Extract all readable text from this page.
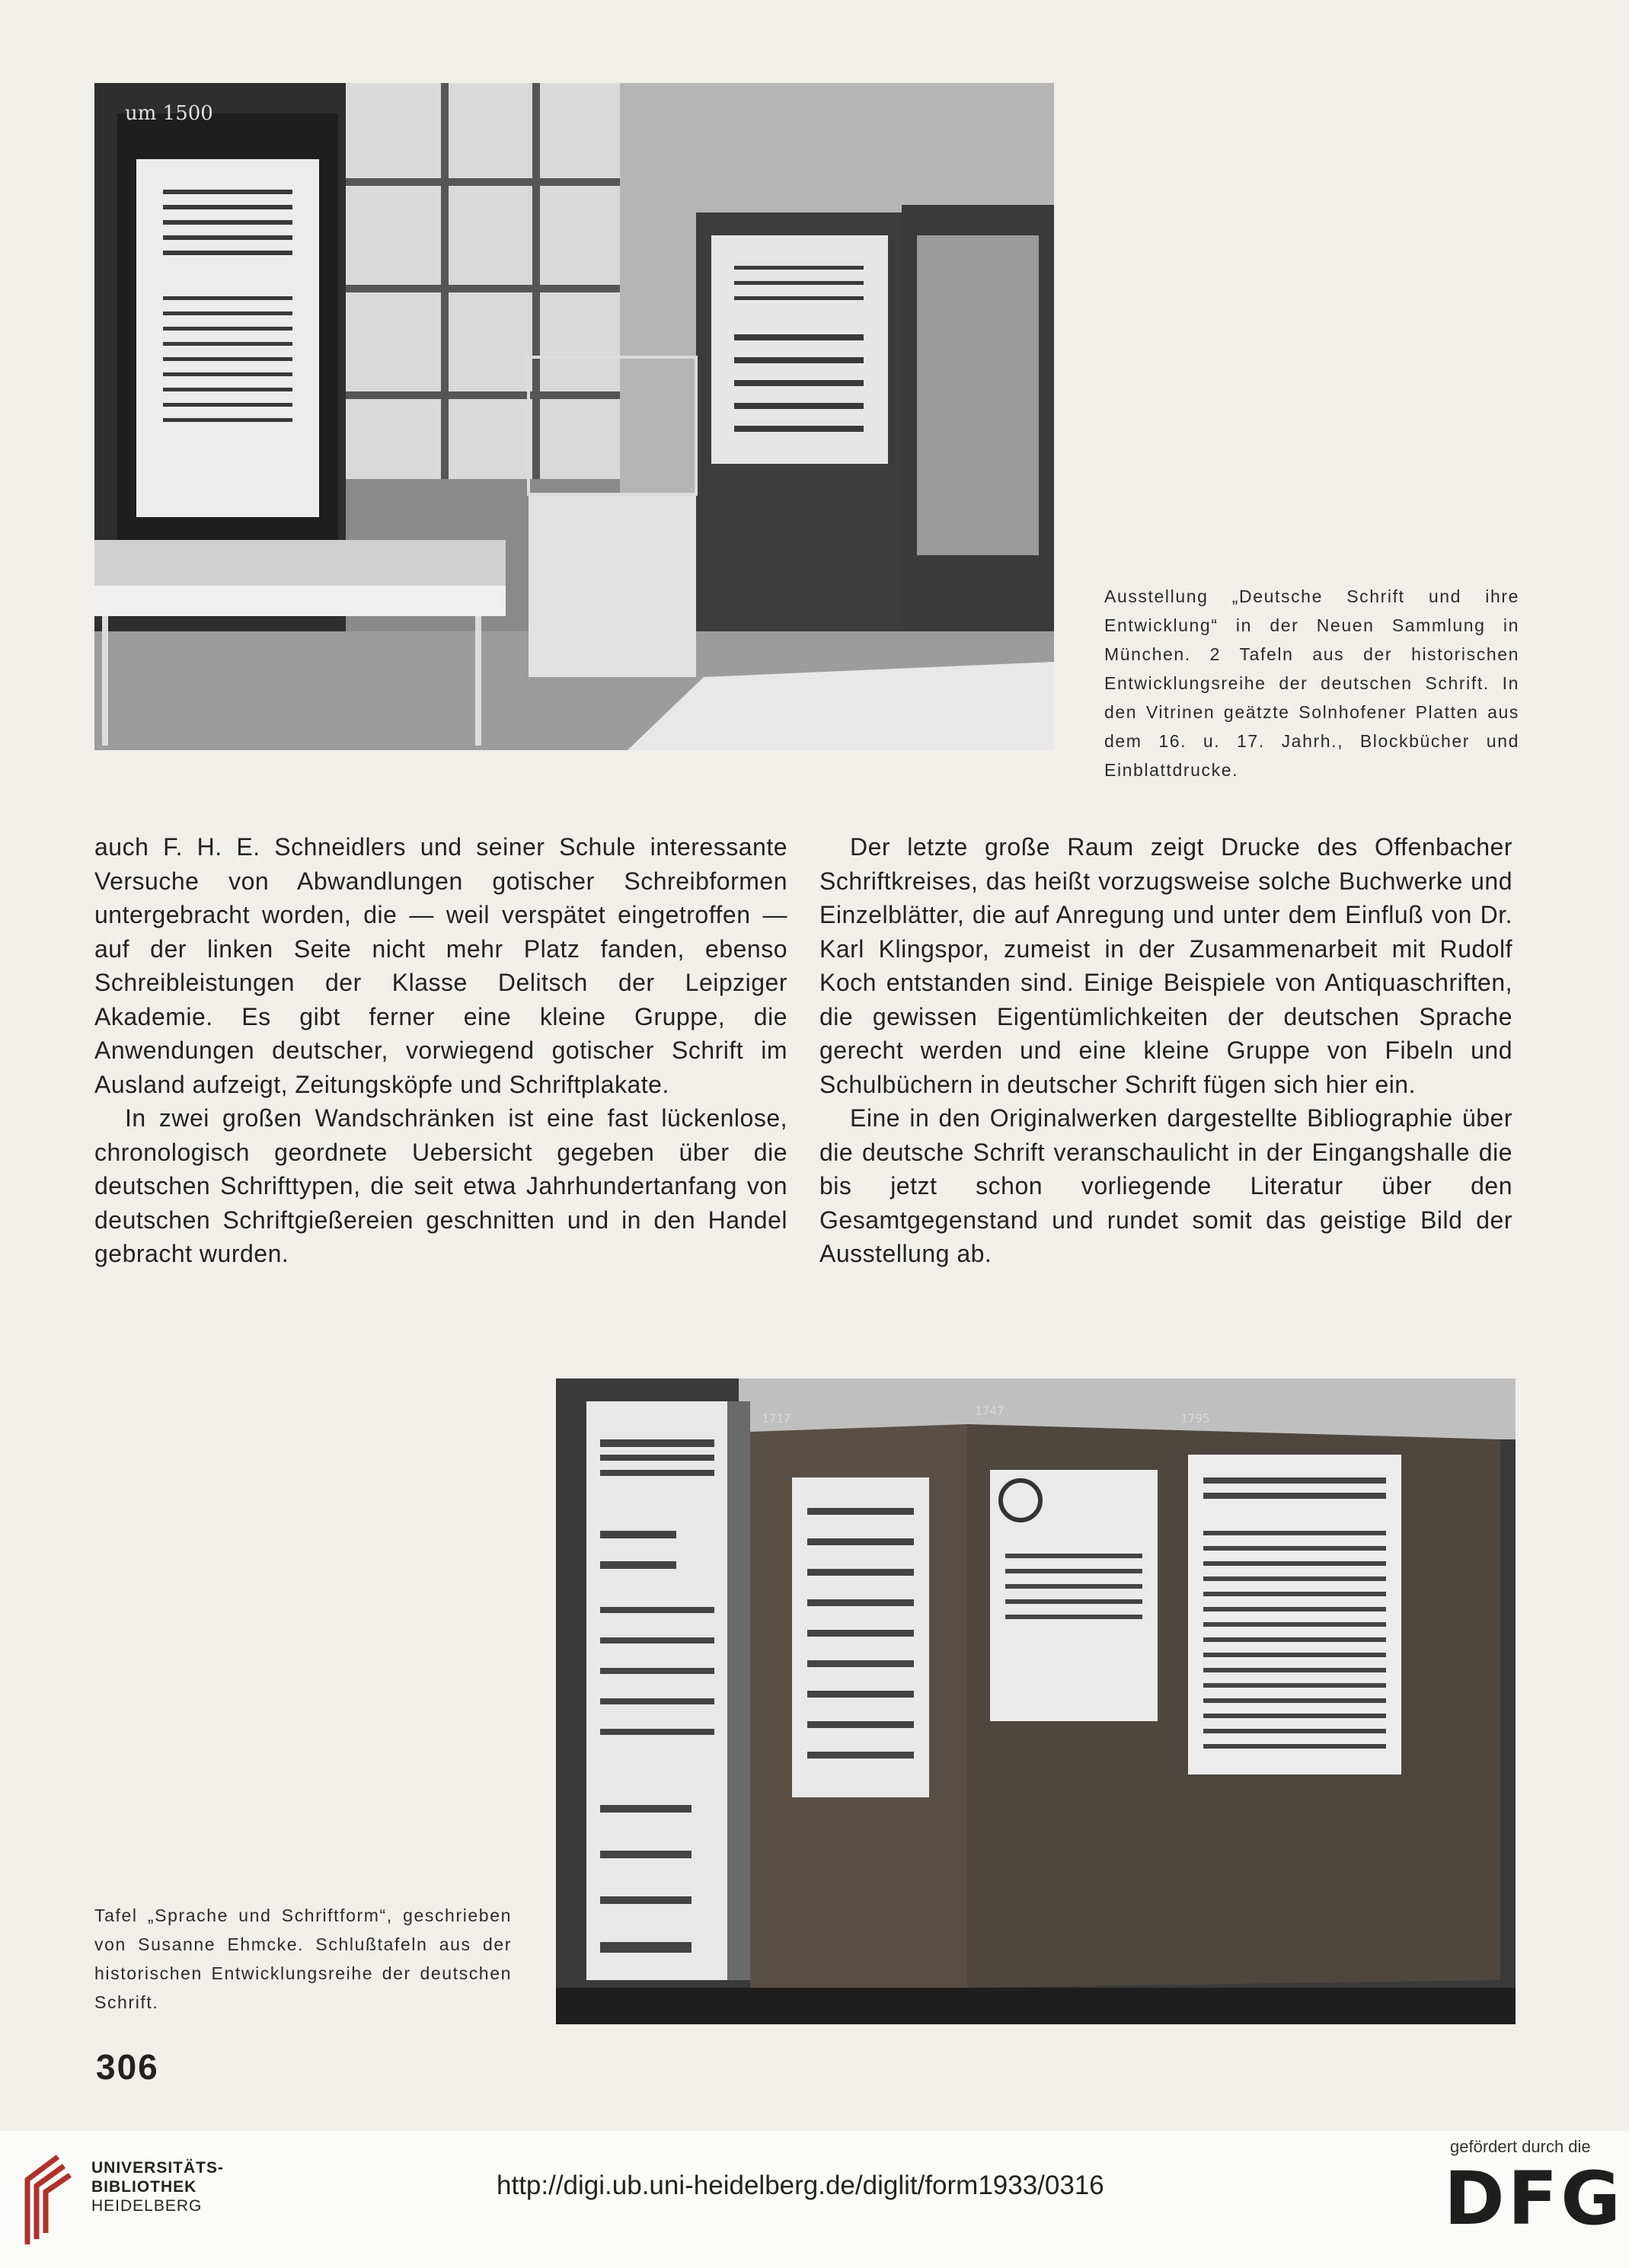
um 1500
Ausstellung „Deutsche Schrift und ihre Entwicklung“ in der Neuen Sammlung in München. 2 Tafeln aus der historischen Entwicklungsreihe der deutschen Schrift. In den Vitrinen geätzte Solnhofener Platten aus dem 16. u. 17. Jahrh., Blockbücher und Einblattdrucke.

auch F. H. E. Schneidlers und seiner Schule interessante Versuche von Abwandlungen gotischer Schreibformen untergebracht worden, die — weil verspätet eingetroffen — auf der linken Seite nicht mehr Platz fanden, ebenso Schreibleistungen der Klasse Delitsch der Leipziger Akademie. Es gibt ferner eine kleine Gruppe, die Anwendungen deutscher, vorwiegend gotischer Schrift im Ausland aufzeigt, Zeitungsköpfe und Schriftplakate.

In zwei großen Wandschränken ist eine fast lückenlose, chronologisch geordnete Uebersicht gegeben über die deutschen Schrifttypen, die seit etwa Jahrhundertanfang von deutschen Schriftgießereien geschnitten und in den Handel gebracht wurden.

Der letzte große Raum zeigt Drucke des Offenbacher Schriftkreises, das heißt vorzugsweise solche Buchwerke und Einzelblätter, die auf Anregung und unter dem Einfluß von Dr. Karl Klingspor, zumeist in der Zusammenarbeit mit Rudolf Koch entstanden sind. Einige Beispiele von Antiquaschriften, die gewissen Eigentümlichkeiten der deutschen Sprache gerecht werden und eine kleine Gruppe von Fibeln und Schulbüchern in deutscher Schrift fügen sich hier ein.

Eine in den Originalwerken dargestellte Bibliographie über die deutsche Schrift veranschaulicht in der Eingangshalle die bis jetzt schon vorliegende Literatur über den Gesamtgegenstand und rundet somit das geistige Bild der Ausstellung ab.

1717
1747
1795
Tafel „Sprache und Schriftform“, geschrieben von Susanne Ehmcke. Schlußtafeln aus der historischen Entwicklungsreihe der deutschen Schrift.
306
UNIVERSITÄTS-
BIBLIOTHEK
HEIDELBERG
http://digi.ub.uni-heidelberg.de/diglit/form1933/0316
gefördert durch die
DFG
